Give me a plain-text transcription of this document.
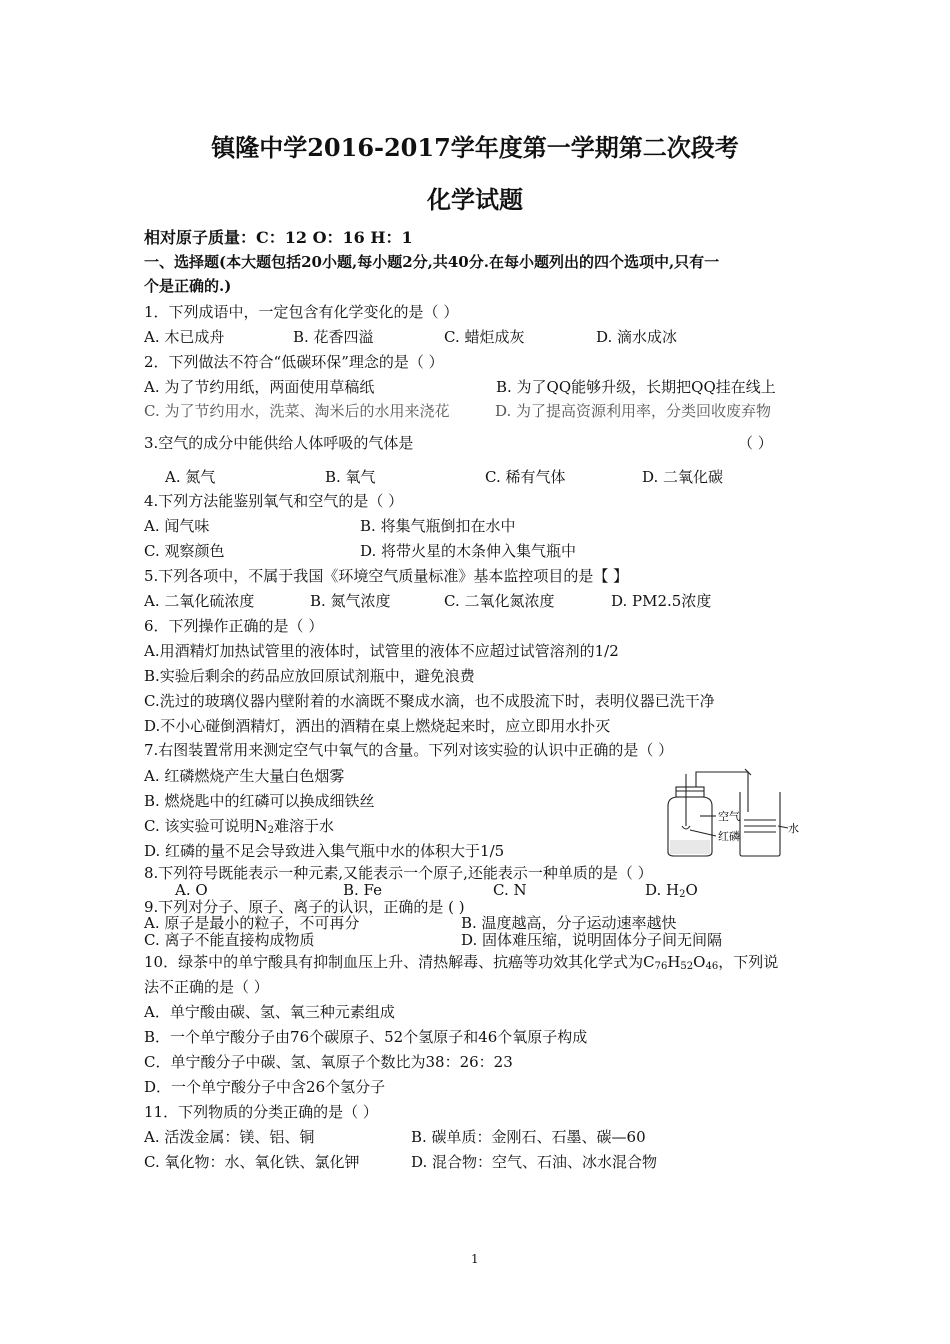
镇隆中学2016-2017学年度第一学期第二次段考
化学试题
相对原子质量：C：12 O：16 H：1
一、选择题(本大题包括20小题,每小题2分,共40分.在每小题列出的四个选项中,只有一
个是正确的.)
1．下列成语中，一定包含有化学变化的是（ ）
A. 木已成舟	B. 花香四溢	C. 蜡炬成灰	D. 滴水成冰
2．下列做法不符合“低碳环保”理念的是（ ）
A. 为了节约用纸，两面使用草稿纸	B. 为了QQ能够升级，长期把QQ挂在线上
C. 为了节约用水，洗菜、淘米后的水用来浇花	D. 为了提高资源利用率，分类回收废弃物
3.空气的成分中能供给人体呼吸的气体是	（ ）
A. 氮气	B. 氧气	C. 稀有气体	D. 二氧化碳
4.下列方法能鉴别氧气和空气的是（ ）
A. 闻气味	B. 将集气瓶倒扣在水中
C. 观察颜色	D. 将带火星的木条伸入集气瓶中
5.下列各项中，不属于我国《环境空气质量标准》基本监控项目的是【 】
A. 二氧化硫浓度	B. 氮气浓度	C. 二氧化氮浓度	D. PM2.5浓度
6．下列操作正确的是（ ）
A.用酒精灯加热试管里的液体时，试管里的液体不应超过试管溶剂的1/2
B.实验后剩余的药品应放回原试剂瓶中，避免浪费
C.洗过的玻璃仪器内壁附着的水滴既不聚成水滴，也不成股流下时，表明仪器已洗干净
D.不小心碰倒酒精灯，洒出的酒精在桌上燃烧起来时，应立即用水扑灭
7.右图装置常用来测定空气中氧气的含量。下列对该实验的认识中正确的是（ ）
A. 红磷燃烧产生大量白色烟雾
B. 燃烧匙中的红磷可以换成细铁丝
C. 该实验可说明$N_2$难溶于水
D. 红磷的量不足会导致进入集气瓶中水的体积大于1/5
空气
红磷
水
8.下列符号既能表示一种元素,又能表示一个原子,还能表示一种单质的是（ ）
A. O	B. Fe	C. N	D. $H_2O$
9.下列对分子、原子、离子的认识，正确的是 ( )
A. 原子是最小的粒子，不可再分	B. 温度越高，分子运动速率越快
C. 离子不能直接构成物质	D. 固体难压缩，说明固体分子间无间隔
10．绿茶中的单宁酸具有抑制血压上升、清热解毒、抗癌等功效其化学式为$C_{76}H_{52}O_{46}$，下列说
法不正确的是（ ）
A．单宁酸由碳、氢、氧三种元素组成
B．一个单宁酸分子由76个碳原子、52个氢原子和46个氧原子构成
C．单宁酸分子中碳、氢、氧原子个数比为38：26：23
D．一个单宁酸分子中含26个氢分子
11．下列物质的分类正确的是（ ）
A. 活泼金属：镁、铝、铜	B. 碳单质：金刚石、石墨、碳—60
C. 氧化物：水、氧化铁、氯化钾	D. 混合物：空气、石油、冰水混合物
1
